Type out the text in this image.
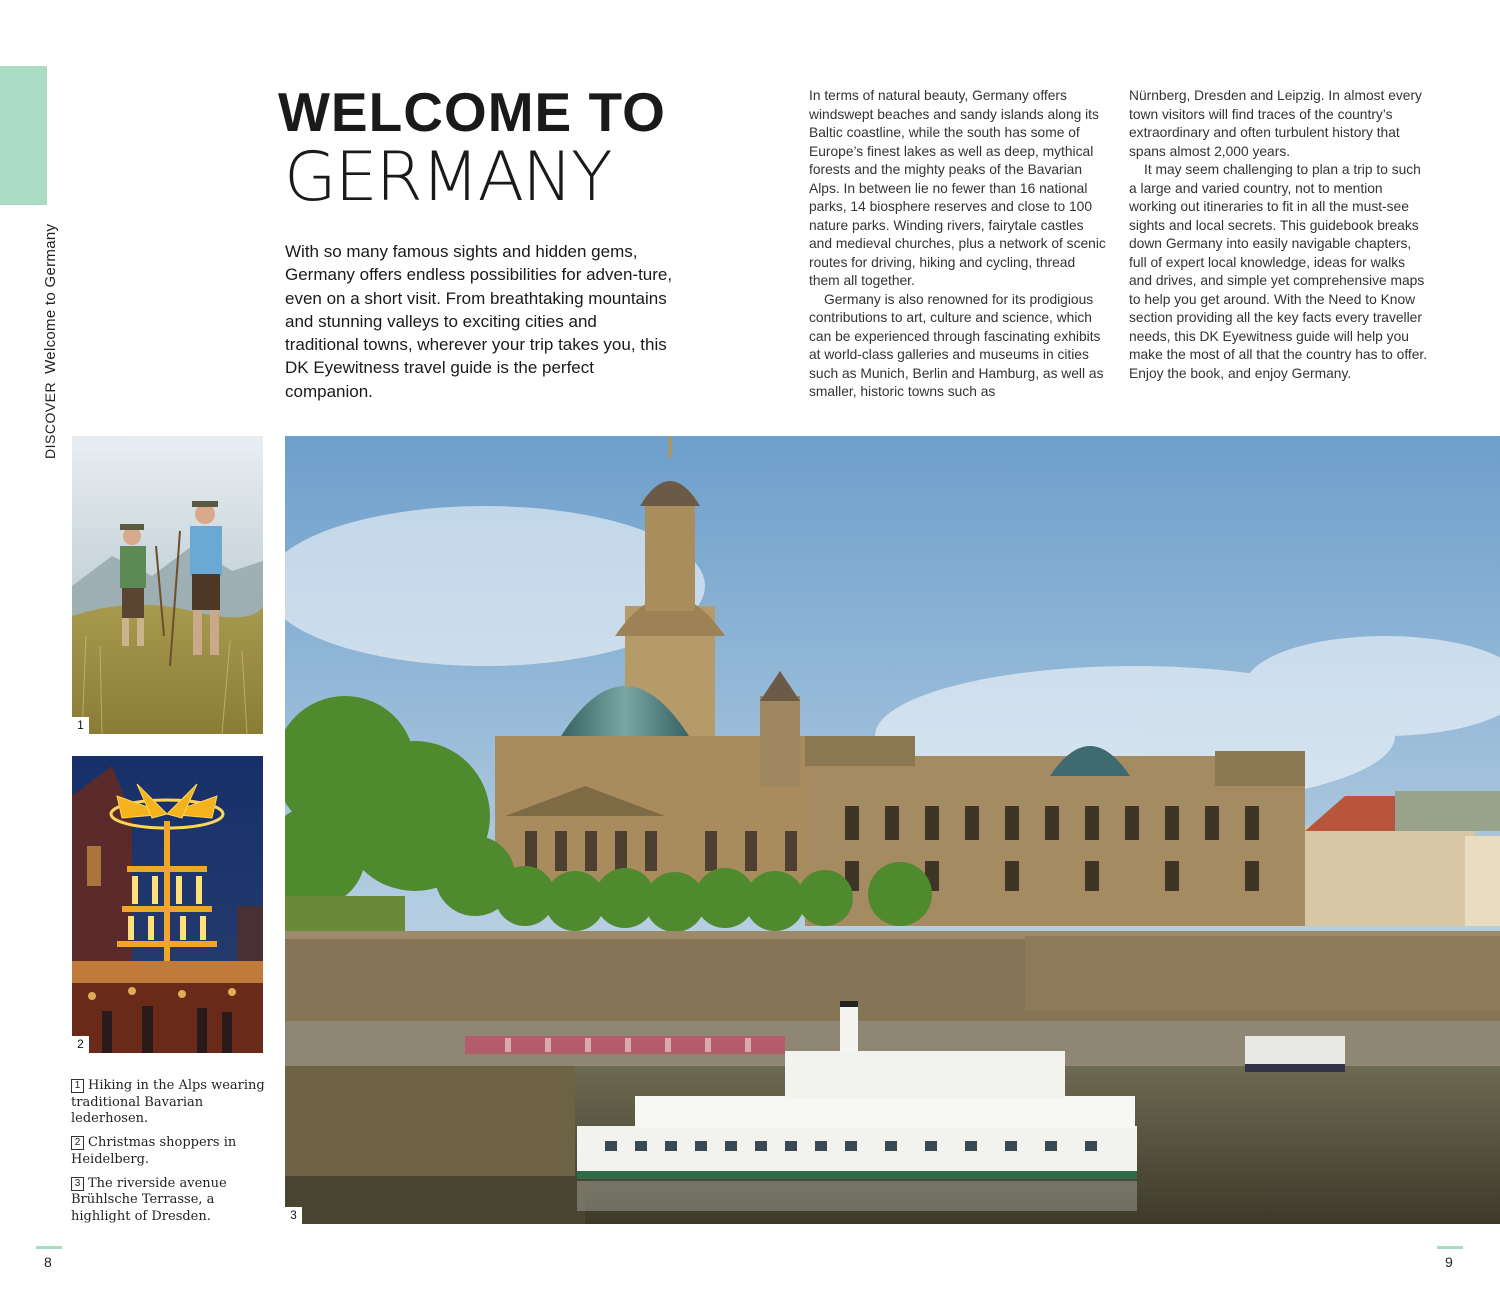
DISCOVERWelcome to Germany
WELCOME TO
GERMANY

With so many famous sights and hidden gems, Germany offers endless possibilities for adven-ture, even on a short visit. From breathtaking mountains and stunning valleys to exciting cities and traditional towns, wherever your trip takes you, this DK Eyewitness travel guide is the perfect companion.

In terms of natural beauty, Germany offers windswept beaches and sandy islands along its Baltic coastline, while the south has some of Europe’s finest lakes as well as deep, mythical forests and the mighty peaks of the Bavarian Alps. In between lie no fewer than 16 national parks, 14 biosphere reserves and close to 100 nature parks. Winding rivers, fairytale castles and medieval churches, plus a network of scenic routes for driving, hiking and cycling, thread them all together.

Germany is also renowned for its prodigious contributions to art, culture and science, which can be experienced through fascinating exhibits at world-class galleries and museums in cities such as Munich, Berlin and Hamburg, as well as smaller, historic towns such as

Nürnberg, Dresden and Leipzig. In almost every town visitors will find traces of the country’s extraordinary and often turbulent history that spans almost 2,000 years.

It may seem challenging to plan a trip to such a large and varied country, not to mention working out itineraries to fit in all the must-see sights and local secrets. This guidebook breaks down Germany into easily navigable chapters, full of expert local knowledge, ideas for walks and drives, and simple yet comprehensive maps to help you get around. With the Need to Know section providing all the key facts every traveller needs, this DK Eyewitness guide will help you make the most of all that the country has to offer. Enjoy the book, and enjoy Germany.

1
2
3

1 Hiking in the Alps wearing traditional Bavarian lederhosen.

2 Christmas shoppers in Heidelberg.

3 The riverside avenue Brühlsche Terrasse, a highlight of Dresden.

8	9
